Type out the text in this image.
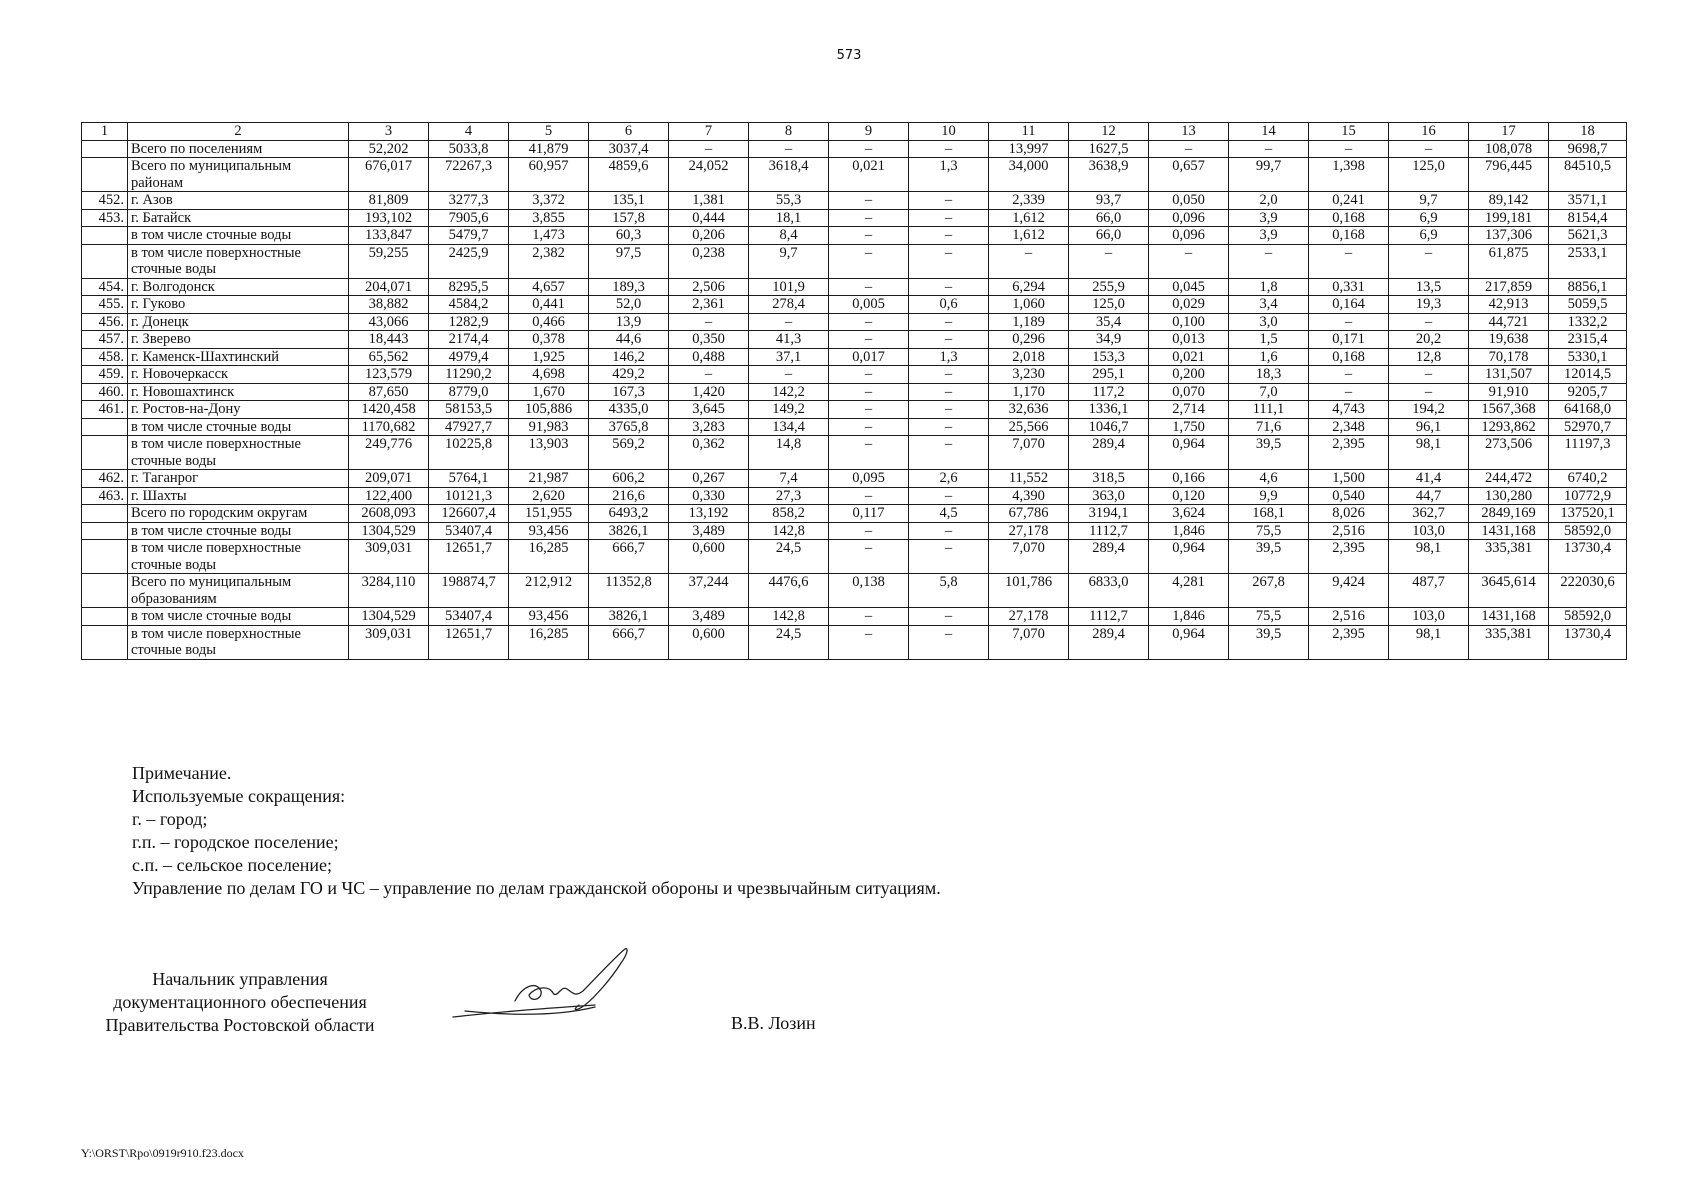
573
1	2	3	4	5	6	7	8	9	10	11	12	13	14	15	16	17	18
	Всего по поселениям	52,202	5033,8	41,879	3037,4	–	–	–	–	13,997	1627,5	–	–	–	–	108,078	9698,7
	Всего по муниципальным районам	676,017	72267,3	60,957	4859,6	24,052	3618,4	0,021	1,3	34,000	3638,9	0,657	99,7	1,398	125,0	796,445	84510,5
452.	г. Азов	81,809	3277,3	3,372	135,1	1,381	55,3	–	–	2,339	93,7	0,050	2,0	0,241	9,7	89,142	3571,1
453.	г. Батайск	193,102	7905,6	3,855	157,8	0,444	18,1	–	–	1,612	66,0	0,096	3,9	0,168	6,9	199,181	8154,4
	в том числе сточные воды	133,847	5479,7	1,473	60,3	0,206	8,4	–	–	1,612	66,0	0,096	3,9	0,168	6,9	137,306	5621,3
	в том числе поверхностные сточные воды	59,255	2425,9	2,382	97,5	0,238	9,7	–	–	–	–	–	–	–	–	61,875	2533,1
454.	г. Волгодонск	204,071	8295,5	4,657	189,3	2,506	101,9	–	–	6,294	255,9	0,045	1,8	0,331	13,5	217,859	8856,1
455.	г. Гуково	38,882	4584,2	0,441	52,0	2,361	278,4	0,005	0,6	1,060	125,0	0,029	3,4	0,164	19,3	42,913	5059,5
456.	г. Донецк	43,066	1282,9	0,466	13,9	–	–	–	–	1,189	35,4	0,100	3,0	–	–	44,721	1332,2
457.	г. Зверево	18,443	2174,4	0,378	44,6	0,350	41,3	–	–	0,296	34,9	0,013	1,5	0,171	20,2	19,638	2315,4
458.	г. Каменск-Шахтинский	65,562	4979,4	1,925	146,2	0,488	37,1	0,017	1,3	2,018	153,3	0,021	1,6	0,168	12,8	70,178	5330,1
459.	г. Новочеркасск	123,579	11290,2	4,698	429,2	–	–	–	–	3,230	295,1	0,200	18,3	–	–	131,507	12014,5
460.	г. Новошахтинск	87,650	8779,0	1,670	167,3	1,420	142,2	–	–	1,170	117,2	0,070	7,0	–	–	91,910	9205,7
461.	г. Ростов-на-Дону	1420,458	58153,5	105,886	4335,0	3,645	149,2	–	–	32,636	1336,1	2,714	111,1	4,743	194,2	1567,368	64168,0
	в том числе сточные воды	1170,682	47927,7	91,983	3765,8	3,283	134,4	–	–	25,566	1046,7	1,750	71,6	2,348	96,1	1293,862	52970,7
	в том числе поверхностные сточные воды	249,776	10225,8	13,903	569,2	0,362	14,8	–	–	7,070	289,4	0,964	39,5	2,395	98,1	273,506	11197,3
462.	г. Таганрог	209,071	5764,1	21,987	606,2	0,267	7,4	0,095	2,6	11,552	318,5	0,166	4,6	1,500	41,4	244,472	6740,2
463.	г. Шахты	122,400	10121,3	2,620	216,6	0,330	27,3	–	–	4,390	363,0	0,120	9,9	0,540	44,7	130,280	10772,9
	Всего по городским округам	2608,093	126607,4	151,955	6493,2	13,192	858,2	0,117	4,5	67,786	3194,1	3,624	168,1	8,026	362,7	2849,169	137520,1
	в том числе сточные воды	1304,529	53407,4	93,456	3826,1	3,489	142,8	–	–	27,178	1112,7	1,846	75,5	2,516	103,0	1431,168	58592,0
	в том числе поверхностные сточные воды	309,031	12651,7	16,285	666,7	0,600	24,5	–	–	7,070	289,4	0,964	39,5	2,395	98,1	335,381	13730,4
	Всего по муниципальным образованиям	3284,110	198874,7	212,912	11352,8	37,244	4476,6	0,138	5,8	101,786	6833,0	4,281	267,8	9,424	487,7	3645,614	222030,6
	в том числе сточные воды	1304,529	53407,4	93,456	3826,1	3,489	142,8	–	–	27,178	1112,7	1,846	75,5	2,516	103,0	1431,168	58592,0
	в том числе поверхностные сточные воды	309,031	12651,7	16,285	666,7	0,600	24,5	–	–	7,070	289,4	0,964	39,5	2,395	98,1	335,381	13730,4
Примечание.
Используемые сокращения:
г. – город;
г.п. – городское поселение;
с.п. – сельское поселение;
Управление по делам ГО и ЧС – управление по делам гражданской обороны и чрезвычайным ситуациям.
Начальник управления
документационного обеспечения
Правительства Ростовской области	В.В. Лозин
Y:\ORST\Rpo\0919r910.f23.docx
